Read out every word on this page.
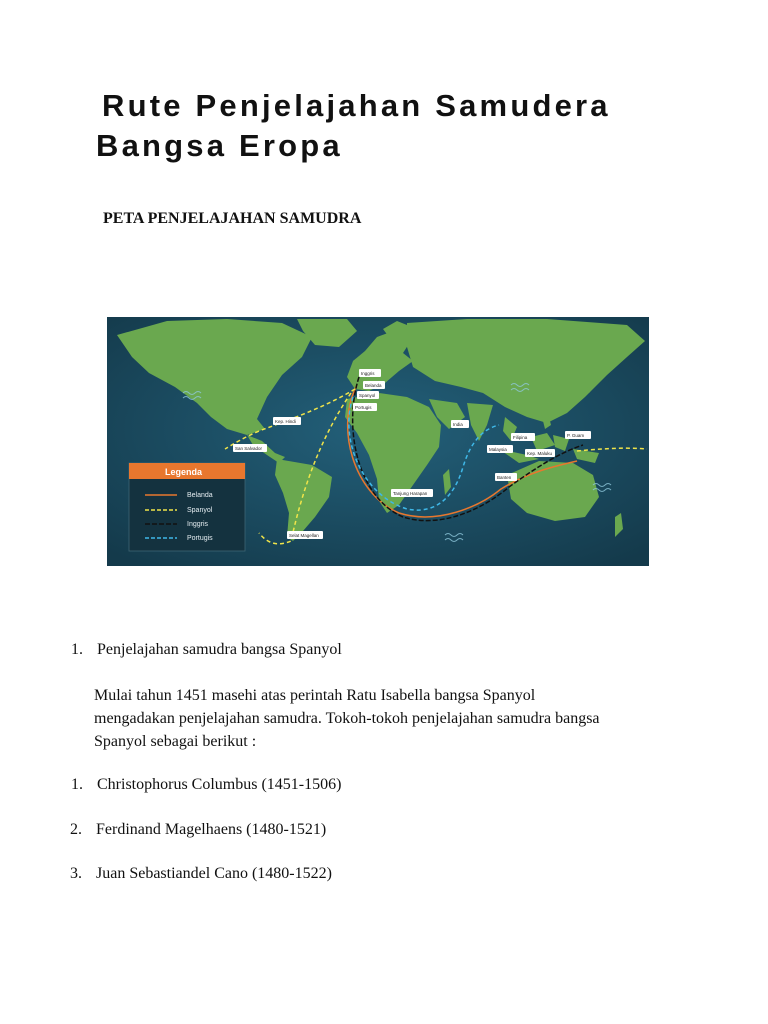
Rute Penjelajahan Samudera
Bangsa Eropa

PETA PENJELAJAHAN SAMUDRA

Inggris
Belanda
Spanyol
Portugis
Kep. Hindi
San Salvador
India
Filipina	P. Guam
Malaysia
Kep. Maluku
Banten
Tanjung Harapan
Selat Magellan
Legenda
Belanda
Spanyol
Inggris
Portugis
1. Penjelajahan samudra bangsa Spanyol

Mulai tahun 1451 masehi atas perintah Ratu Isabella bangsa Spanyol
mengadakan penjelajahan samudra. Tokoh-tokoh penjelajahan samudra bangsa
Spanyol sebagai berikut :

1. Christophorus Columbus (1451-1506)
2. Ferdinand Magelhaens (1480-1521)
3. Juan Sebastiandel Cano (1480-1522)
